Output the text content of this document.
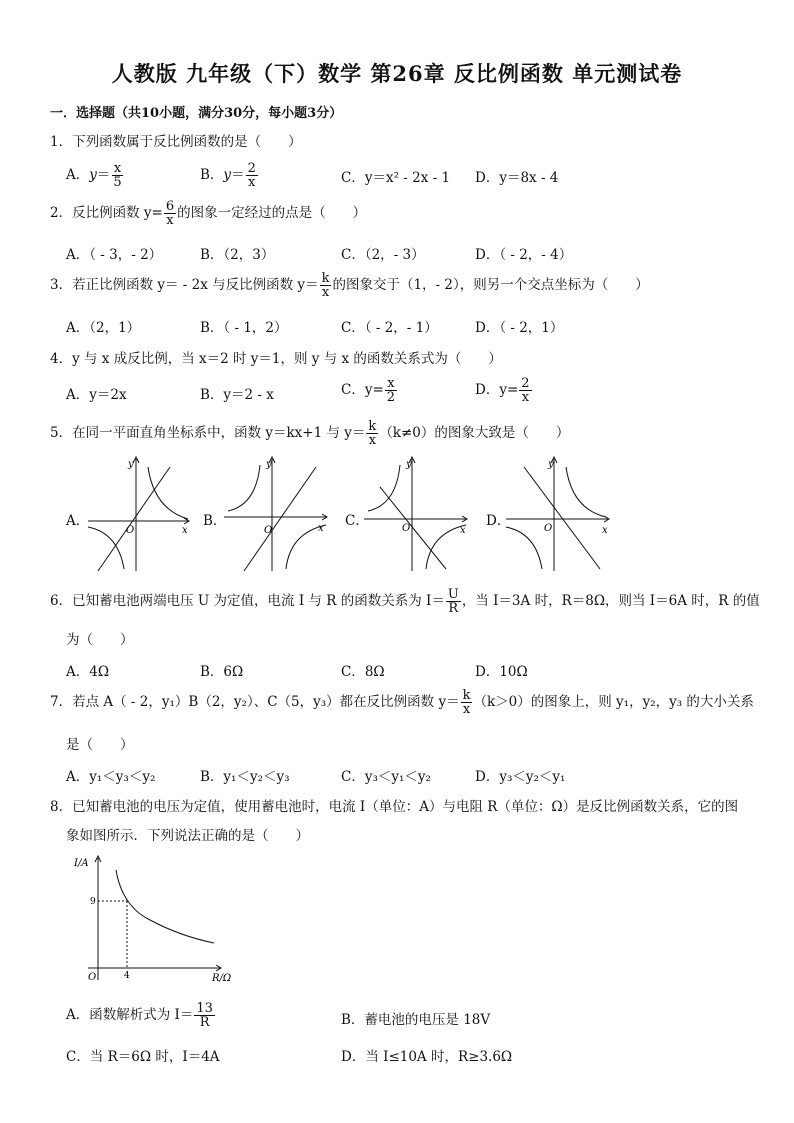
人教版 九年级（下）数学 第26章 反比例函数 单元测试卷
一．选择题（共10小题，满分30分，每小题3分）
1．下列函数属于反比例函数的是（　　）
A．$y= \frac{x}{5}$	B．$y= \frac{2}{x}$	C．y＝x² - 2x - 1 D．y＝8x - 4
2．反比例函数 $y= \frac{6}{x}$ 的图象一定经过的点是（　　）
A．（ - 3，- 2）	B．（2，3）	C．（2，- 3）	D．（ - 2，- 4）
3．若正比例函数 y＝ - 2x 与反比例函数 $y= \frac{k}{x}$ 的图象交于（1，- 2），则另一个交点坐标为（　　）
A．（2，1）	B．（ - 1，2）	C．（ - 2，- 1）	D．（ - 2，1）
4．y 与 x 成反比例，当 x＝2 时 y＝1，则 y 与 x 的函数关系式为（　　）
A．y＝2x	B．y＝2 - x	C．$y= \frac{x}{2}$	D．$y= \frac{2}{x}$
5．在同一平面直角坐标系中，函数 y＝kx+1 与 $y= \frac{k}{x} (k\ne 0)$的图象大致是（　　）
A．	B．	C．	D．
y
x
O
y
x
O
y
x
O
y
x
O
6．已知蓄电池两端电压 U 为定值，电流 I 与 R 的函数关系为 $I= \frac{U}{R}$ ，当 I＝3A 时，R＝8Ω，则当 I＝6A 时，R 的值
为（　　）
A．4Ω	B．6Ω	C．8Ω	D．10Ω
7．若点 A（ - 2，y₁）B（2，y₂）、C（5，y₃）都在反比例函数 $y= \frac{k}{x} (k>0)$的图象上，则 y₁，y₂，y₃ 的大小关系
是（　　）
A．y₁＜y₃＜y₂	B．y₁＜y₂＜y₃	C．y₃＜y₁＜y₂	D．y₃＜y₂＜y₁
8．已知蓄电池的电压为定值，使用蓄电池时，电流 I（单位：A）与电阻 R（单位：Ω）是反比例函数关系，它的图
象如图所示．下列说法正确的是（　　）
I/A
R/Ω
O
9
4
A．函数解析式为 $I= \frac{13}{R}$	B．蓄电池的电压是 18V
C．当 R＝6Ω 时，I＝4A	D．当 I≤10A 时，R≥3.6Ω
